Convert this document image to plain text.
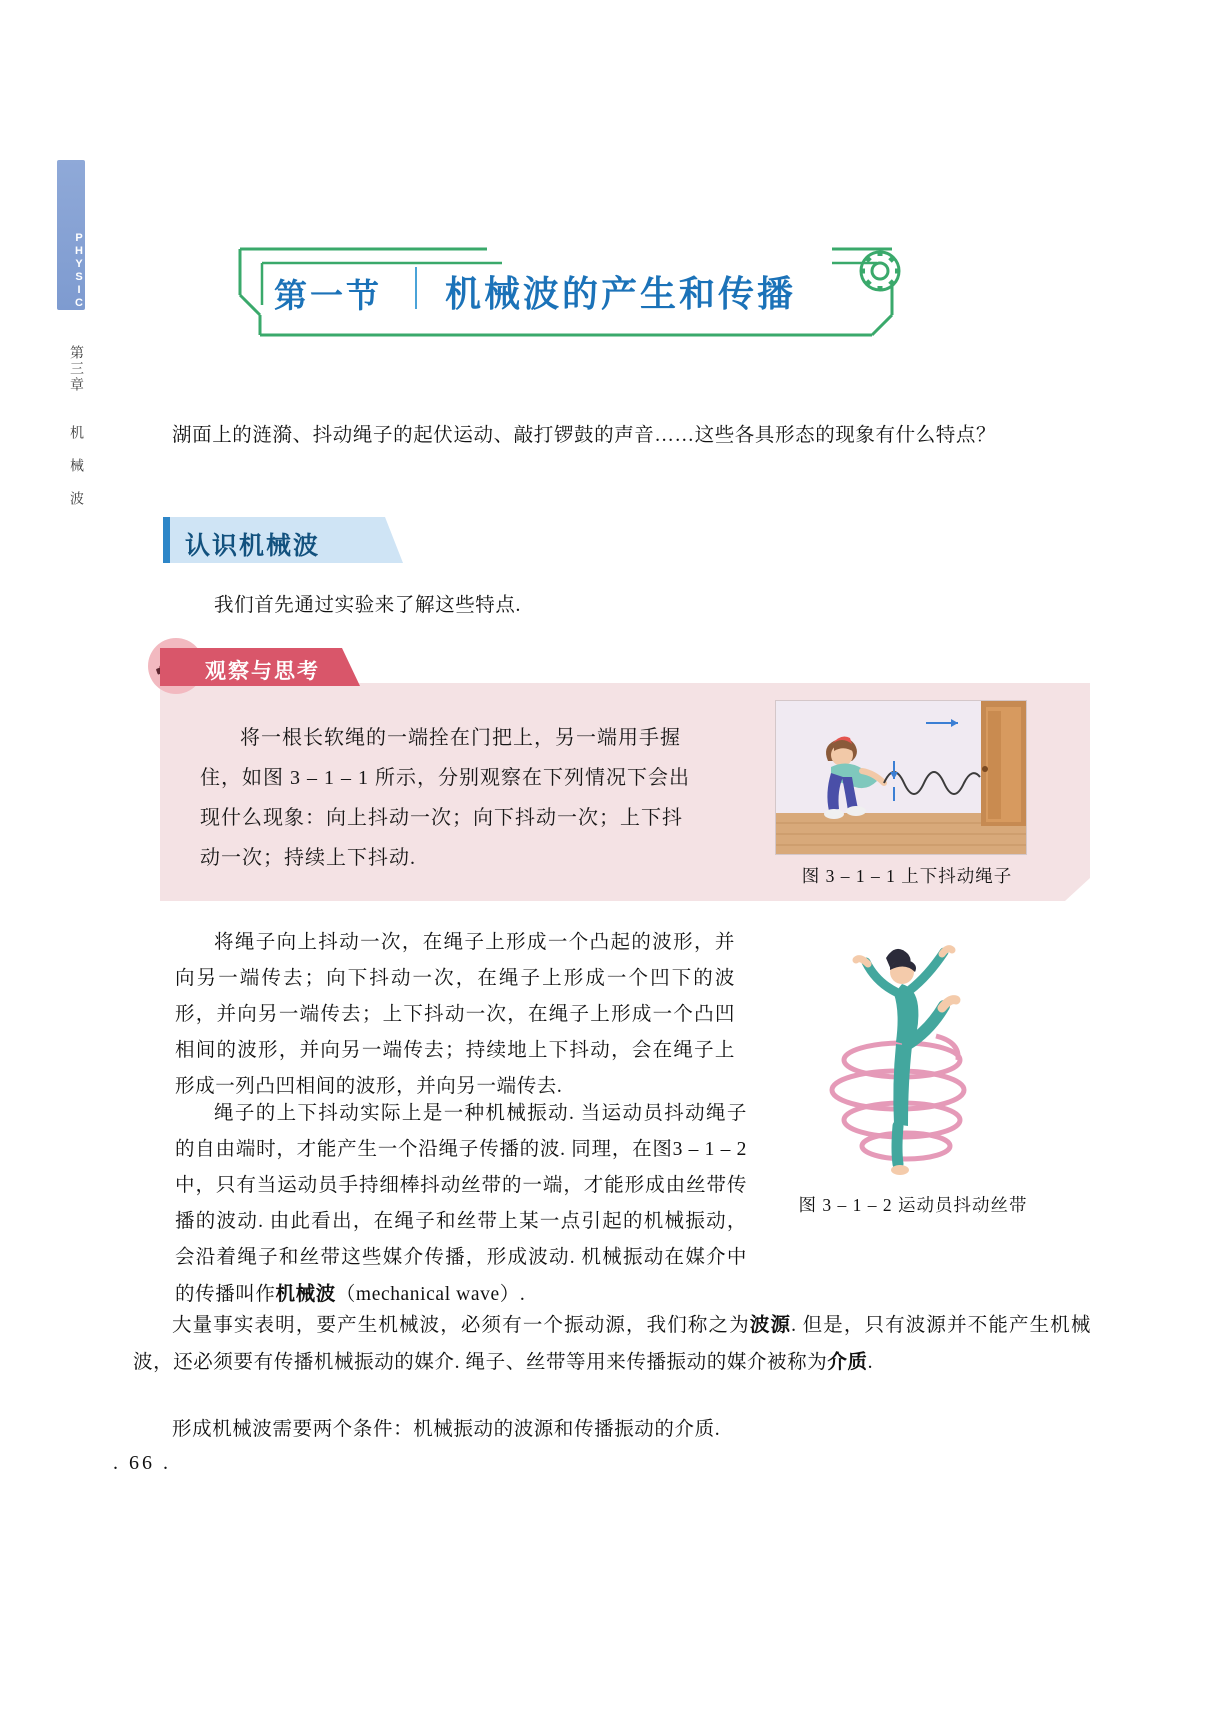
PHYSICS
第三章
机 械 波
第一节 机械波的产生和传播
湖面上的涟漪、抖动绳子的起伏运动、敲打锣鼓的声音……这些各具形态的现象有什么特点？
认识机械波
我们首先通过实验来了解这些特点.
观察与思考
将一根长软绳的一端拴在门把上，另一端用手握住，如图 3 – 1 – 1 所示，分别观察在下列情况下会出现什么现象：向上抖动一次；向下抖动一次；上下抖动一次；持续上下抖动.
图 3 – 1 – 1 上下抖动绳子
将绳子向上抖动一次，在绳子上形成一个凸起的波形，并向另一端传去；向下抖动一次，在绳子上形成一个凹下的波形，并向另一端传去；上下抖动一次，在绳子上形成一个凸凹相间的波形，并向另一端传去；持续地上下抖动，会在绳子上形成一列凸凹相间的波形，并向另一端传去.
绳子的上下抖动实际上是一种机械振动. 当运动员抖动绳子的自由端时，才能产生一个沿绳子传播的波. 同理，在图3 – 1 – 2 中，只有当运动员手持细棒抖动丝带的一端，才能形成由丝带传播的波动. 由此看出，在绳子和丝带上某一点引起的机械振动，会沿着绳子和丝带这些媒介传播，形成波动. 机械振动在媒介中的传播叫作机械波（mechanical wave）.
图 3 – 1 – 2 运动员抖动丝带
大量事实表明，要产生机械波，必须有一个振动源，我们称之为波源. 但是，只有波源并不能产生机械波，还必须要有传播机械振动的媒介. 绳子、丝带等用来传播振动的媒介被称为介质.
形成机械波需要两个条件：机械振动的波源和传播振动的介质.
. 66 .
